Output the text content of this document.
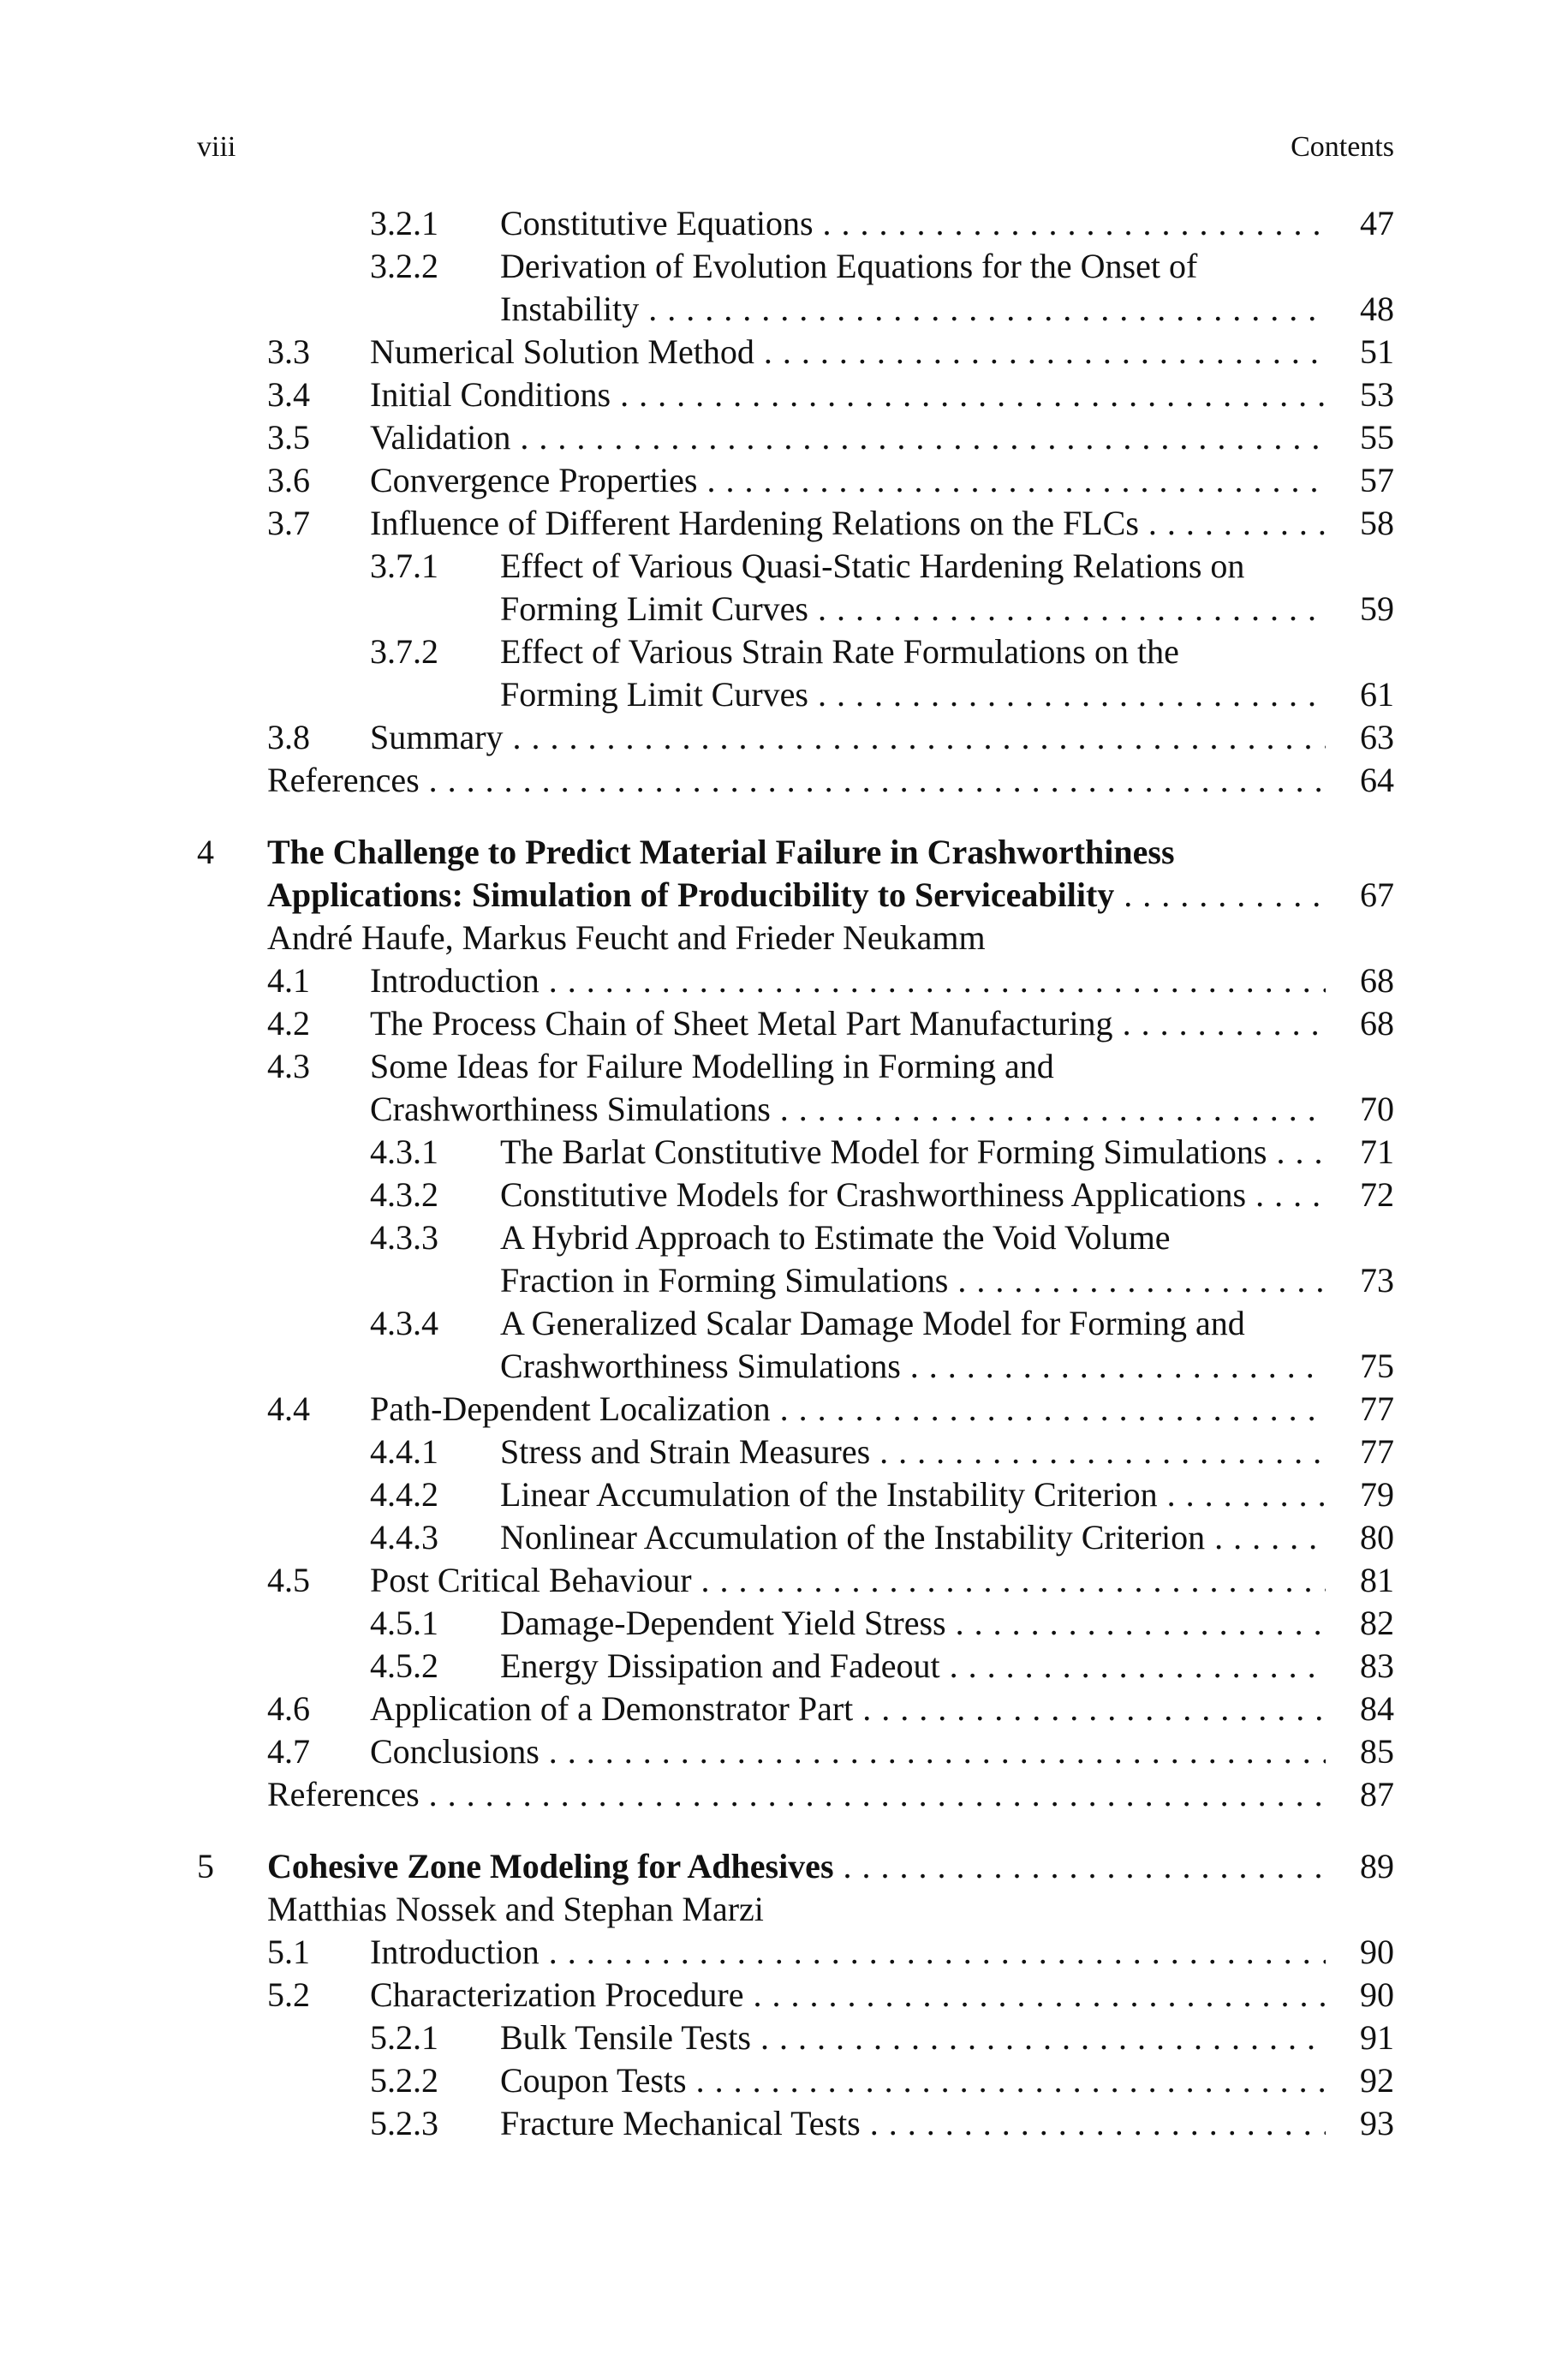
viii	Contents
3.2.1 Constitutive Equations . . .	47
3.2.2 Derivation of Evolution Equations for the Onset of
Instability . . .	48
3.3 Numerical Solution Method . . .	51
3.4 Initial Conditions . . .	53
3.5 Validation . . .	55
3.6 Convergence Properties . . .	57
3.7 Influence of Different Hardening Relations on the FLCs . . .	58
3.7.1 Effect of Various Quasi-Static Hardening Relations on
Forming Limit Curves . . .	59
3.7.2 Effect of Various Strain Rate Formulations on the
Forming Limit Curves . . .	61
3.8 Summary . . .	63
References . . .	64
4 The Challenge to Predict Material Failure in Crashworthiness
Applications: Simulation of Producibility to Serviceability . . .	67
André Haufe, Markus Feucht and Frieder Neukamm
4.1 Introduction . . .	68
4.2 The Process Chain of Sheet Metal Part Manufacturing . . .	68
4.3 Some Ideas for Failure Modelling in Forming and
Crashworthiness Simulations . . .	70
4.3.1 The Barlat Constitutive Model for Forming Simulations . . .	71
4.3.2 Constitutive Models for Crashworthiness Applications . . .	72
4.3.3 A Hybrid Approach to Estimate the Void Volume
Fraction in Forming Simulations . . .	73
4.3.4 A Generalized Scalar Damage Model for Forming and
Crashworthiness Simulations . . .	75
4.4 Path-Dependent Localization . . .	77
4.4.1 Stress and Strain Measures . . .	77
4.4.2 Linear Accumulation of the Instability Criterion . . .	79
4.4.3 Nonlinear Accumulation of the Instability Criterion . . .	80
4.5 Post Critical Behaviour . . .	81
4.5.1 Damage-Dependent Yield Stress . . .	82
4.5.2 Energy Dissipation and Fadeout . . .	83
4.6 Application of a Demonstrator Part . . .	84
4.7 Conclusions . . .	85
References . . .	87
5 Cohesive Zone Modeling for Adhesives . . .	89
Matthias Nossek and Stephan Marzi
5.1 Introduction . . .	90
5.2 Characterization Procedure . . .	90
5.2.1 Bulk Tensile Tests . . .	91
5.2.2 Coupon Tests . . .	92
5.2.3 Fracture Mechanical Tests . . .	93
